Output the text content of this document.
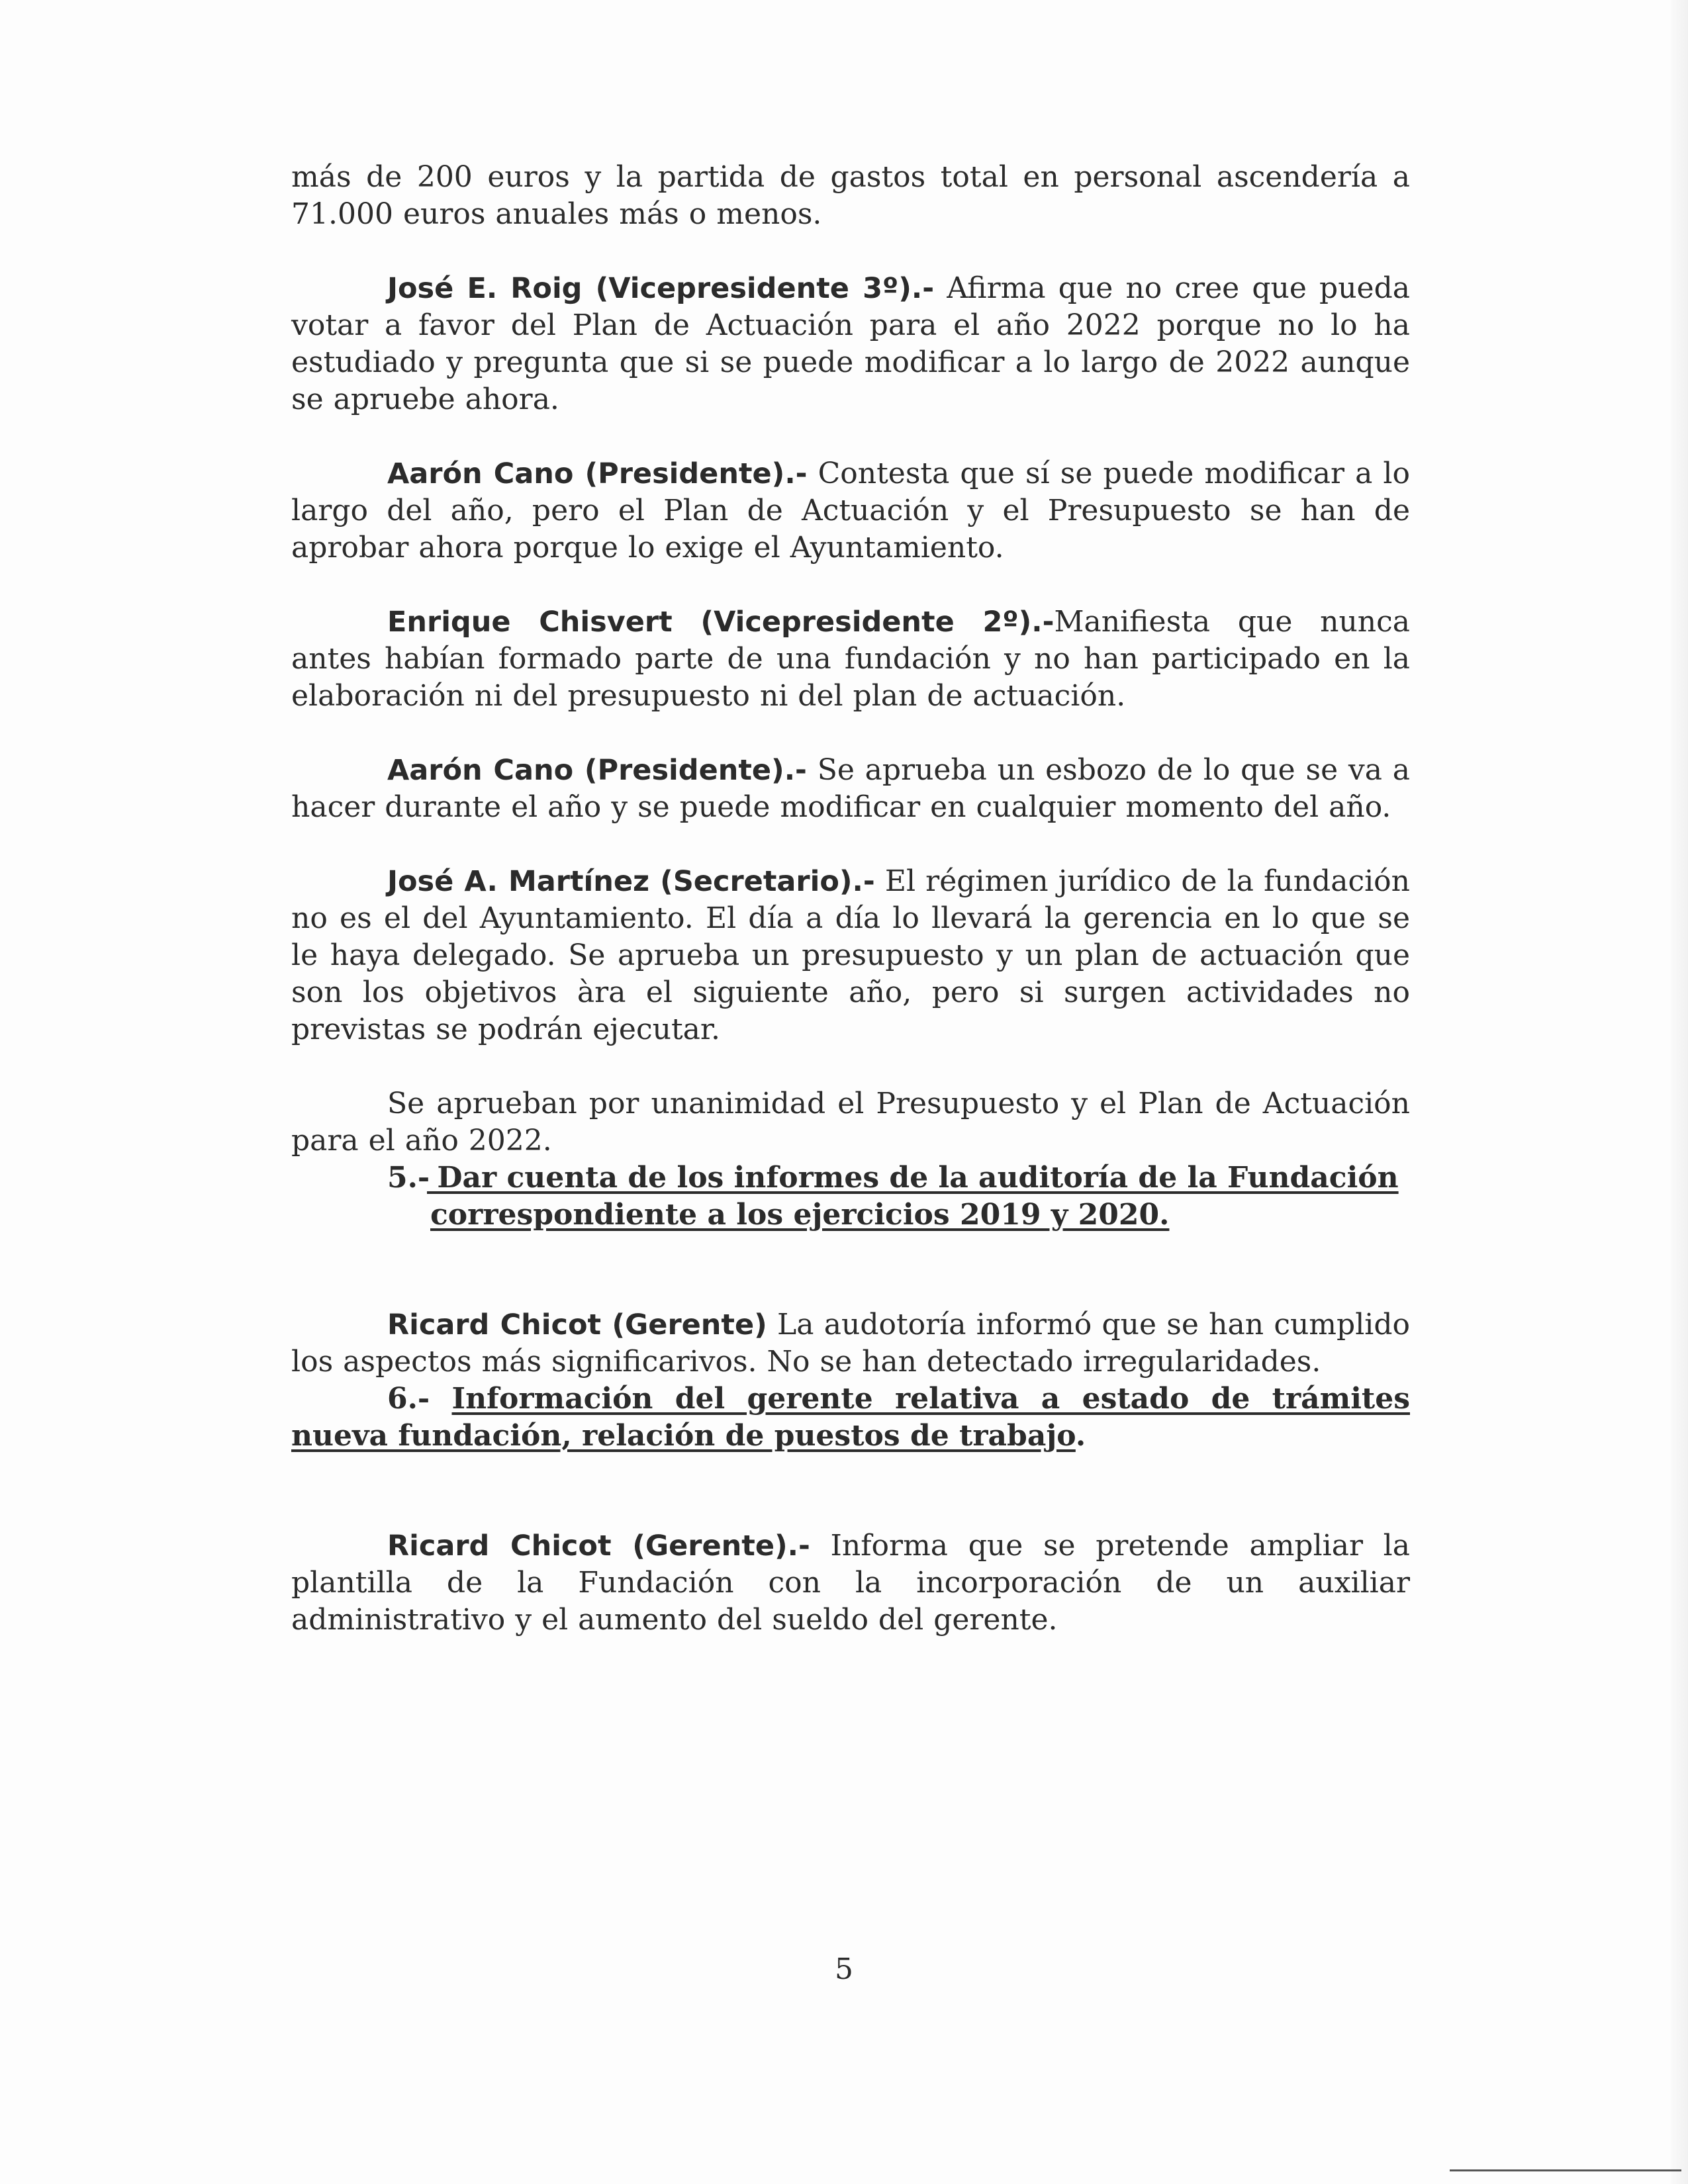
más de 200 euros y la partida de gastos total en personal ascendería a 71.000 euros anuales más o menos.

José E. Roig (Vicepresidente 3º).- Afirma que no cree que pueda votar a favor del Plan de Actuación para el año 2022 porque no lo ha estudiado y pregunta que si se puede modificar a lo largo de 2022 aunque se apruebe ahora.

Aarón Cano (Presidente).- Contesta que sí se puede modificar a lo largo del año, pero el Plan de Actuación y el Presupuesto se han de aprobar ahora porque lo exige el Ayuntamiento.

Enrique Chisvert (Vicepresidente 2º).-Manifiesta que nunca antes habían formado parte de una fundación y no han participado en la elaboración ni del presupuesto ni del plan de actuación.

Aarón Cano (Presidente).- Se aprueba un esbozo de lo que se va a hacer durante el año y se puede modificar en cualquier momento del año.

José A. Martínez (Secretario).- El régimen jurídico de la fundación no es el del Ayuntamiento. El día a día lo llevará la gerencia en lo que se le haya delegado. Se aprueba un presupuesto y un plan de actuación que son los objetivos àra el siguiente año, pero si surgen actividades no previstas se podrán ejecutar.

Se aprueban por unanimidad el Presupuesto y el Plan de Actuación para el año 2022.

5.- Dar cuenta de los informes de la auditoría de la Fundación
correspondiente a los ejercicios 2019 y 2020.

Ricard Chicot (Gerente) La audotoría informó que se han cumplido los aspectos más significarivos. No se han detectado irregularidades.

6.- Información del gerente relativa a estado de trámites nueva fundación, relación de puestos de trabajo.

Ricard Chicot (Gerente).- Informa que se pretende ampliar la plantilla de la Fundación con la incorporación de un auxiliar administrativo y el aumento del sueldo del gerente.

5
